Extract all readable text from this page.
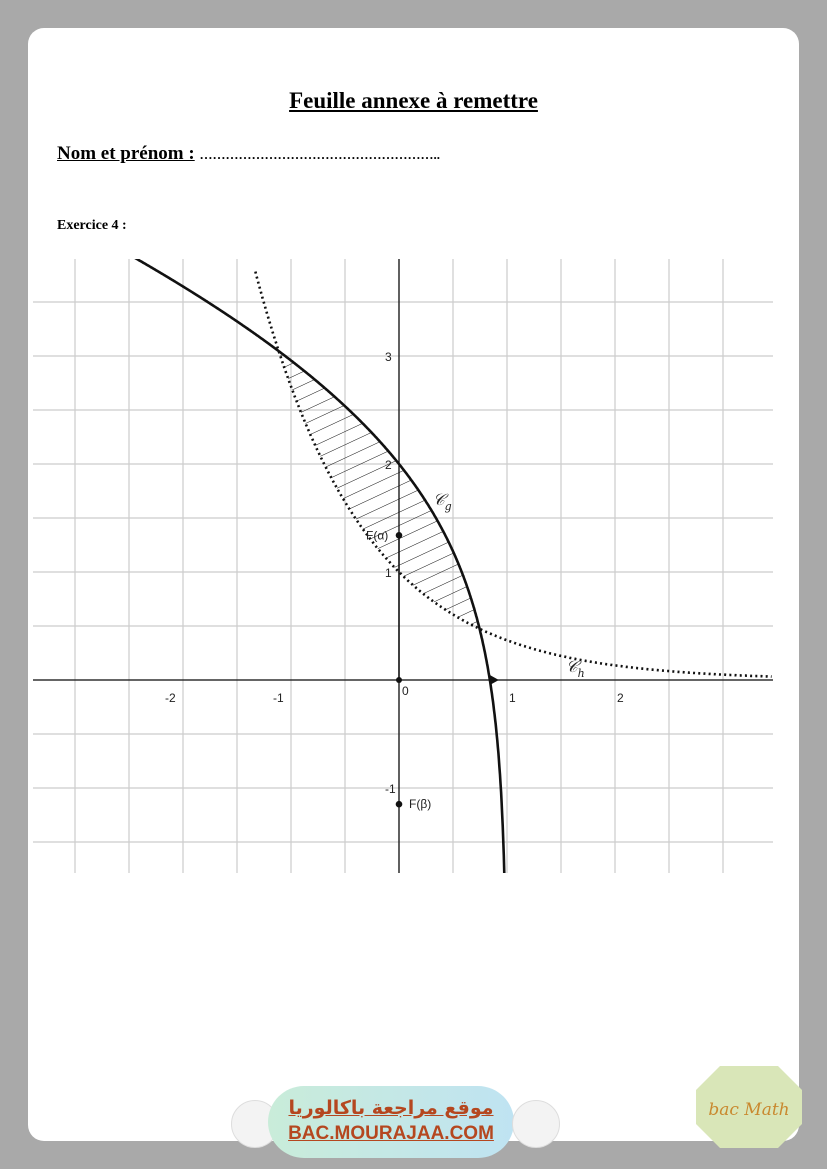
Feuille annexe à remettre
Nom et prénom : ………………………………………………..
Exercice 4 :
-2	-1	1	2
3
2
1
-1
0
F(α)
F(β)
𝒞$_g$
𝒞$_h$
موقع مراجعة باكالوريا
BAC.MOURAJAA.COM
bac Math
